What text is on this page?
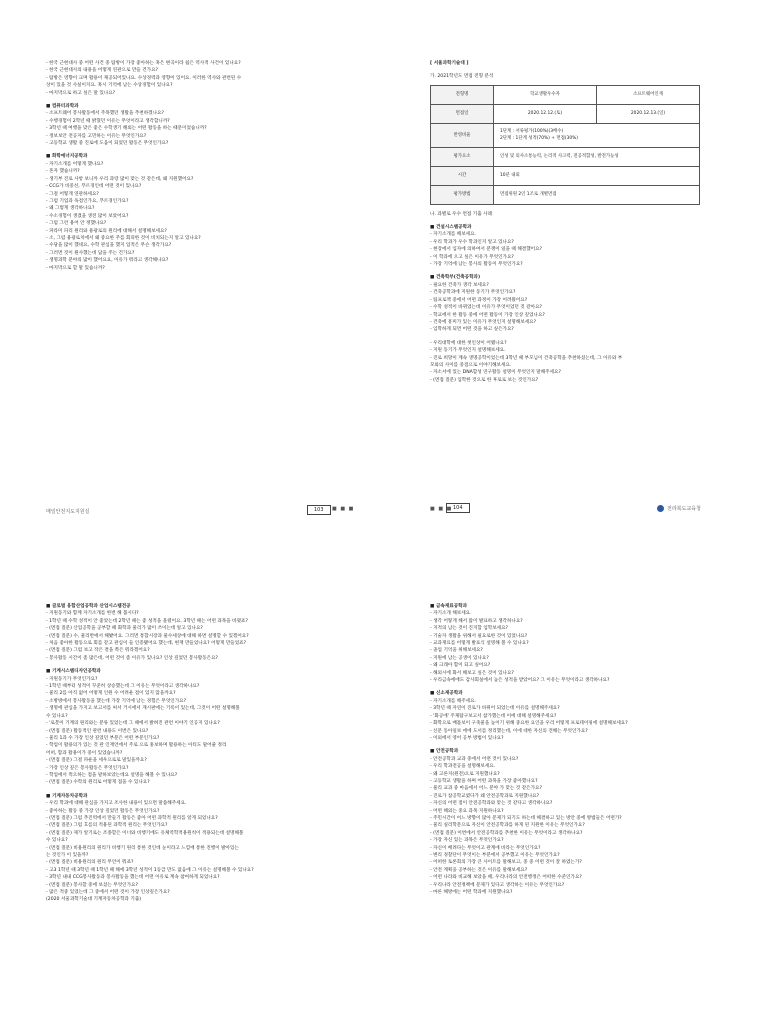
- 한국 근현대사 중 어떤 사건 중 탐방이 가장 좋아하는 혹은 변곡이라 쉽은 역사적 사건이 있나요?
- 한국 근현대사의 내용을 어떻게 연관으로 만들 건가요?
- 탐방은 영향이 크며 활용이 제공되어있나요. 수상경력과 영향이 있어요. 이러한 역사와 관련된 수
상이 있을 것 사실이지요. 혹시 기억에 남는 수상경험이 있나요?
- 마지막으로 하고 싶은 말 있나요?
■ 컴퓨터과학과
- 소프트웨어 봉사활동에서 주목했던 생활을 추천하겠나요?
- 수행경험이 2학년 때 밝혔던 이유는 무엇이라고 생각합니까?
- 3학년 때 여행을 맞은 좋은 수학생기 해외는 어떤 활동을 하는 때문이었습니까?
- 정보보안 전공자를 고민하는 이유는 무엇인가요?
- 고등학교 생활 중 진로에 도움이 되었던 활동은 무엇인가요?
■ 화학에너지공학과
- 자기소개를 어떻게 했나요?
- 혼자 했습니까?
- 생기부 진로 사항 보니까 우리 과랑 많이 맞는 것 같은데, 왜 지원했어요?
- CCG가 비중선, 푸르경인데 어떤 것이 있나요?
- 그걸 어떻게 연관하세요?
- 그럼 기업과 독점인가요, 푸르경인가요?
- 왜 그렇게 생각하나요?
- 수소경험이 생겼을 생전 많이 보았어요?
- 그럼 그런 용어 안 정했나요?
- 파라미 파리 원리와 용광로의 원리에 대해서 설명해보세요?
- 소, 그럼 용광로치에서 왜 중요한 주를 회피한 것이 비치되는지 알고 있나요?
- 수당을 많이 했네요, 수학 관심을 했지 업적은 무슨 생각가요?
- 그러면 것이 뭔사했는데 답을 주는 건가요?
- 생명과학 분야의 많이 했어요요, 이유가 뭐라고 생각해나요?
- 마지막으로 할 말 있습니까?
매일안전지도지원실	103	■ ■ ■
[ 서울과학기술대 ]
가. 2021학년도 면접 전형 분석
전형명	학교생활우수자	소프트웨어인재
면접일	2020.12.12.(토)	2020.12.13.(일)
반영비율	1단계 : 서류평가(100%)(3배수)
2단계 : 1단계 성적(70%) + 면접(30%)	
평가요소	인성 및 의사소통능력, 논리적 사고력, 전공적합성, 발전가능성	
시간	10분 내외	
평가방법	면접위원 2인 1조로 개별면접	
나. 과별로 우수 면접 기출 사례
■ 건설시스템공학과
- 자기소개를 해보세요.
- 우리 학과가 우수 학과인지 알고 있나요?
- 현장에서 입자에 의하여서 분쟁이 일을 때 해결했어요?
- 이 학과에 오고 싶은 이유가 무엇인가요?
- 가장 기억에 남는 봉사의 활동이 무엇인가요?
■ 건축학부(건축공학과)
- 필요한 건축가 생각 보세요?
- 건축공학과에 지원한 동기가 무엇인가요?
- 팀프로젝 중에서 어떤 과정이 가장 어려웠어요?
- 수학 성적이 바뀌었는데 이유가 무엇이었던 것 같아요?
- 학교에서 한 활동 중에 어떤 활동이 가장 인상 깊었나요?
- 건축에 흥미가 있는 이유가 무엇인지 설명해보세요?
- 입학하게 되면 어떤 것을 하고 싶은가요?
- 우리대학에 대한 첫인상이 어땠나요?
- 지원 동기가 무엇인지 설명해보세요.
- 진로 희망이 계속 생명공학이었는데 3학년 때 부모님이 건축공학을 추천하셨는데, 그 이유와 부
모와의 사이를 중점으로 이야기해보세요.
- 자소서에 있는 DNA합성 연구활동 설명이 무엇인지 말해주세요?
- (면접 질문) 입학한 것으로 한 후로로 보는 것인가요?
■ ■ ■ 104	전라북도교육청
■ 글로벌 융합산업공학과 산업시스템전공
- 지원동기와 함께 자기소개를 한번 해 봅시다?
- 1학년 때 수학 성적이 안 좋았는데 2학년 때는 좋 성적을 올렸어요. 3학년 때는 어떤 과목을 바꿨죠?
- (면접 질문) 산업공학을 공부할 때 화학과 물리가 많이 쓰이는데 알고 있나요?
- (면접 질문) 수, 물리반에서 해봤어요. 그러면 통합시장과 물수세상에 대해 하면 설명할 수 있겠어요?
- 처음 좋아한 활동으로 회를 같고 관심이 들 인증됐어요 했는데, 현재 만들었나요? 어떻게 만들었죠?
- (면접 질문) 그럼 보고 작은 결을 쪽은 뭐라겠어요?
- 봉사활동 시간이 좀 많은데, 어떤 것이 좀 이유가 있나요? 인상 깊었던 봉사활동은요?
■ 기계시스템디자인공학과
- 지원동기가 무엇인가요?
- 1학년 때부터 성적이 꾸준히 상승했는데 그 이유는 무엇이라고 생각하나요?
- 물리 2를 아직 없어 어떻게 인원 수 어려운 점이 있지 않을까요?
- 소방방에서 봉사활동을 했는데 가장 기억에 남는 경험은 무엇인가요?
- 생명에 관심을 가지고 보고서를 써서 거시에서 게시판에는 기록이 있는데, 그것이 어떤 설명해볼
수 있나요?
- '로봇이 기계의 원리와는 분류 있었는데 그 때에서 밝혀진 관련 이야기 인공지 있나요?
- (면접 질문) 활동적인 관련 내용도 이번은 있나요?
- 물리 1과 수 가장 인상 깊었던 부분은 어떤 부분인가요?
- 학업이 활용의가 있는 것 관 인재언에서 주로 으로 홍보하며 활용하는 아티도 말어줄 정리
어떠, 함과 활용이가 중이 있었습니까?
- (면접 질문) 그걸 파운을 세우으로로 말있을까요?
- 가장 인상 깊은 봉사활동은 무엇인가요?
- 학업에서 먹으하는 점을 말하보았는데요 설명을 해볼 수 있나요?
- (면접 질문) 수학의 원리로 어떻게 접을 수 있나요?
■ 기계자동차공학과
- 우리 학과에 대해 관심을 가지고 조사한 내용이 있으면 말씀해주세요.
- 좋아하는 활동 중 가장 인상 깊었던 활동은 무엇인가요?
- (면접 질문) 그럼 추진력에서 만들기 활동은 좋아 어떤 과학적 원리를 알게 되었나요?
- (면접 질문) 그럼 흐름의 적용된 과학적 원리는 무엇인가요?
- (면접 질문) 제가 알기로는 조종할은 이너와 비행기에도 유체역학적용원칙이 적용되는데 설명해볼
수 있나요?
- (면접 질문) 비용원리의 원리가 비행기 원리 통한 것인데 눈이라고 느낌에 통한 진행이 발아있는
는 것인가 이 있을까?
- (면접 질문) 비용원리의 원리 무언이 뭐죠?
- 고3 1학년 때 3학년 때 1학년 때 해에 3학년 성적이 1등급 만도 없음에 그 이유는 설명해볼 수 있나요?
- 3학년 내내 CCG봉사활동과 봉사활동을 했는데 어떤 이유로 계속 참여하게 되었나요?
- (면접 질문) 봉사할 중에 보셨는 무엇인가요?
- 많은 적중 있었는데 그 중에서 어떤 것이 가장 인상깊은가요?
(2020 서울과학기술대 기계자동차공학과 기출)
■ 금속재료공학과
- 자기소개 해보세요.
- 생각 어떻게 해서 많이 발표하고 생각하나요?
- 지적의 남는 것이 진지합 입학보세요?
- 기술자 생활을 위해서 필요로한 것이 있었나요?
- 교과재료를 어떻게 발표식 설명해 볼 수 있나요?
- 졸업 기억을 위해보세요?
- 지원에 남는 공생이 있나요?
- 왜 크래아 함이 되고 싶어요?
- 해외시에 화서 해보고 싶은 것이 있나요?
- 우리금속에에도 감사회실에서 높은 성적을 받았어요? 그 이유는 무엇이라고 생각하나요?
■ 신소재공학과
- 자기소개를 해주세요.
- 3학년 때 자연이 진로가 바뀌어 되었는데 이유를 설명해주세요?
- '화공에' 주제탐구보고서 참가했는데 이에 대해 설명해주세요?
- 화학으로 배틀보이 구축물을 높이기 위해 중요한 요인을 우리 어떻게 프로테이핑에 설명해보세요?
- 신문 동아일보 에에 도서를 정리했는데, 이에 대한 자신의 견해는 무엇인가요?
- 이외에서 영어 공부 방법이 있나요?
■ 안전공학과
- 안전공학과 교과 중에서 어떤 것이 있나요?
- 우리 학과전공을 설명해보세요.
- 왜 고른지(원전)으로 지원했나요?
- 고등학교 생활을 하며 어떤 과목을 가장 좋아했나요?
- 물리 교과 중 마음에서 어느 분야 가 맞는 것 같은가요?
- 진로가 참공학교였다가 왜 안전공학과로 지원했나요?
- 자신의 어떤 점이 안전공학과와 맞는 것 같다고 생각하나요?
- 어떤 해외는 중요 과목 지원하나요?
- 주민시간이 어느 방향이 많아 문제가 되기도 하는데 해결하고 있는 방안 중에 방법들은 어떤가?
- 물리 실리학문으로 자신이 안전공학과를 하게 된 지원한 이유는 무엇인가요?
- (면접 질문) 이번에서 안전공학과를 추천한 이유는 무엇이라고 생각하나요?
- 가장 자신 있는 과목은 무엇인가요?
- 자신이 배려다는 무엇이고 관계에 바라는 무엇인가요?
- 변리 경찰단이 무엇이는 부분에서 공부했고 이유는 무엇인가요?
- 어떠한 토론회의 가장 큰 사이트를 말해보고, 중 중 어떤 것이 잘 하였는가?
- 안전 계획을 공부하는 것은 이유를 말해보세요?
- 어떤 나라와 비교해 보았을 때, 우리나라의 안전행정은 어떠한 수준인가요?
- 우리나라 안전정책에 문제가 있다고 생각하는 이유는 무엇인가요?
- 마른 해방에는 어떤 학과에 지원했나요?
